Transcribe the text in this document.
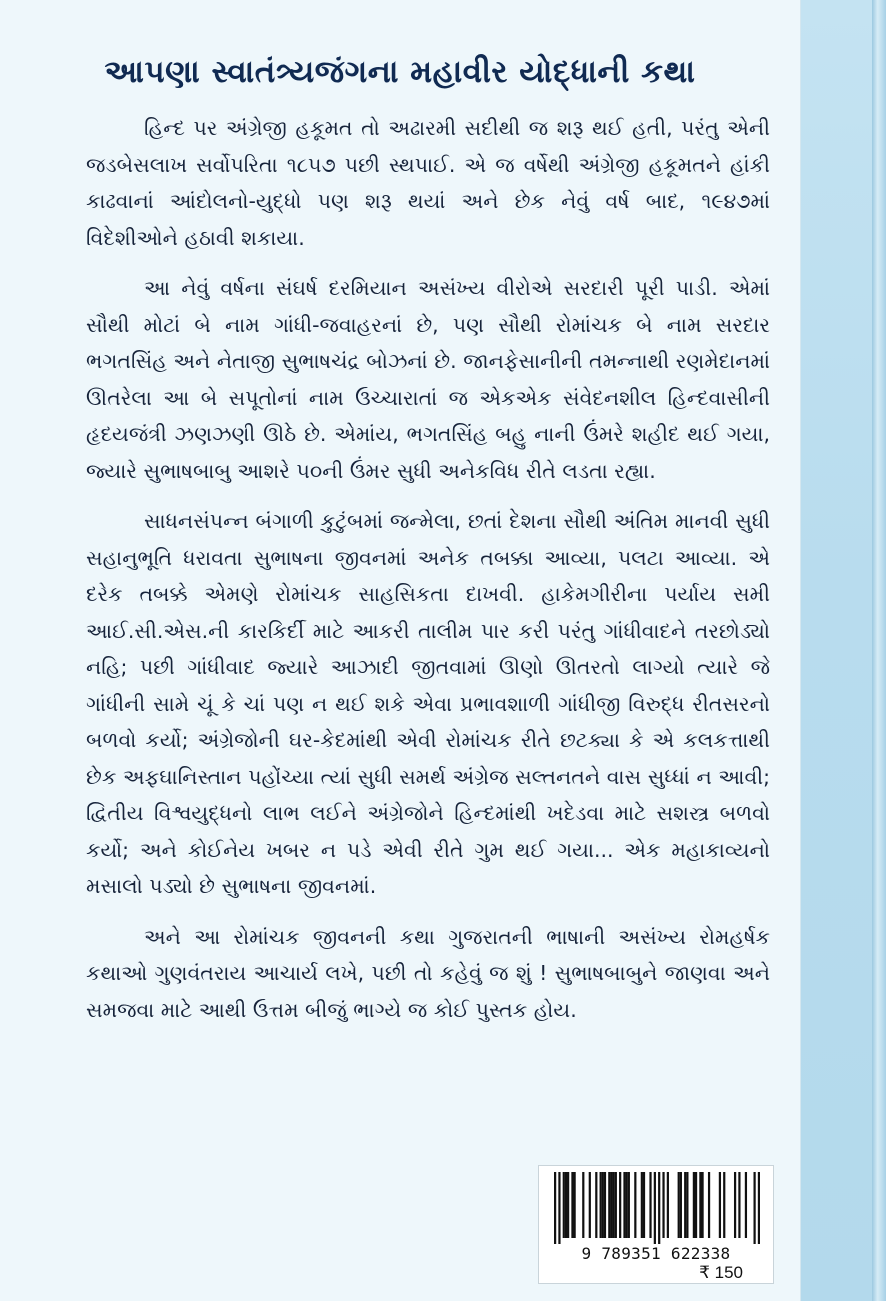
આપણા સ્વાતંત્ર્યજંગના મહાવીર યોદ્ધાની કથા

હિન્દ પર અંગ્રેજી હકૂમત તો અઢારમી સદીથી જ શરૂ થઈ હતી, પરંતુ એની જડબેસલાખ સર્વોપરિતા ૧૮૫૭ પછી સ્થપાઈ. એ જ વર્ષેથી અંગ્રેજી હકૂમતને હાંકી કાઢવાનાં આંદોલનો-યુદ્ધો પણ શરૂ થયાં અને છેક નેવું વર્ષ બાદ, ૧૯૪૭માં વિદેશીઓને હઠાવી શકાયા.

આ નેવું વર્ષના સંઘર્ષ દરમિયાન અસંખ્ય વીરોએ સરદારી પૂરી પાડી. એમાં સૌથી મોટાં બે નામ ગાંધી-જવાહરનાં છે, પણ સૌથી રોમાંચક બે નામ સરદાર ભગતસિંહ અને નેતાજી સુભાષચંદ્ર બોઝનાં છે. જાનફેસાનીની તમન્નાથી રણમેદાનમાં ઊતરેલા આ બે સપૂતોનાં નામ ઉચ્ચારાતાં જ એકએક સંવેદનશીલ હિન્દવાસીની હૃદયજંત્રી ઝણઝણી ઊઠે છે. એમાંય, ભગતસિંહ બહુ નાની ઉંમરે શહીદ થઈ ગયા, જ્યારે સુભાષબાબુ આશરે ૫૦ની ઉંમર સુધી અનેકવિધ રીતે લડતા રહ્યા.

સાધનસંપન્ન બંગાળી કુટુંબમાં જન્મેલા, છતાં દેશના સૌથી અંતિમ માનવી સુધી સહાનુભૂતિ ધરાવતા સુભાષના જીવનમાં અનેક તબક્કા આવ્યા, પલટા આવ્યા. એ દરેક તબક્કે એમણે રોમાંચક સાહસિકતા દાખવી. હાકેમગીરીના પર્યાય સમી આઈ.સી.એસ.ની કારકિર્દી માટે આકરી તાલીમ પાર કરી પરંતુ ગાંધીવાદને તરછોડ્યો નહિ; પછી ગાંધીવાદ જ્યારે આઝાદી જીતવામાં ઊણો ઊતરતો લાગ્યો ત્યારે જે ગાંધીની સામે ચૂં કે ચાં પણ ન થઈ શકે એવા પ્રભાવશાળી ગાંધીજી વિરુદ્ધ રીતસરનો બળવો કર્યો; અંગ્રેજોની ઘર-કેદમાંથી એવી રોમાંચક રીતે છટક્યા કે એ કલકત્તાથી છેક અફઘાનિસ્તાન પહોંચ્યા ત્યાં સુધી સમર્થ અંગ્રેજ સલ્તનતને વાસ સુધ્ધાં ન આવી; દ્વિતીય વિશ્વયુદ્ધનો લાભ લઈને અંગ્રેજોને હિન્દમાંથી ખદેડવા માટે સશસ્ત્ર બળવો કર્યો; અને કોઈનેય ખબર ન પડે એવી રીતે ગુમ થઈ ગયા... એક મહાકાવ્યનો મસાલો પડ્યો છે સુભાષના જીવનમાં.

અને આ રોમાંચક જીવનની કથા ગુજરાતની ભાષાની અસંખ્ય રોમહર્ષક કથાઓ ગુણવંતરાય આચાર્ય લખે, પછી તો કહેવું જ શું ! સુભાષબાબુને જાણવા અને સમજવા માટે આથી ઉત્તમ બીજું ભાગ્યે જ કોઈ પુસ્તક હોય.

9 789351 622338
₹ 150
